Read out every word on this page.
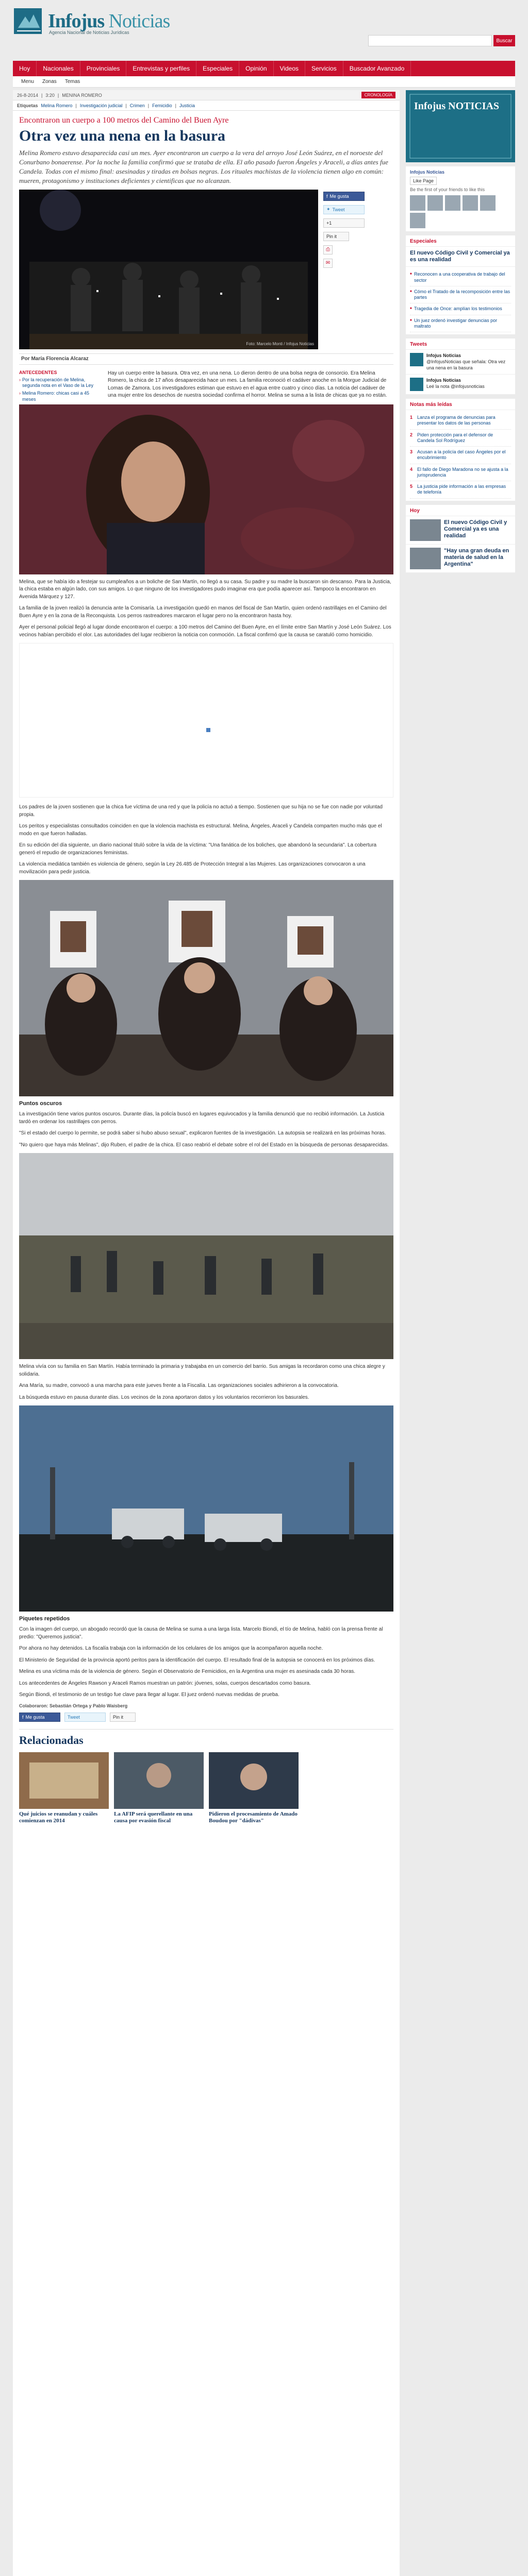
Infojus Noticias
Agencia Nacional de Noticias Jurídicas
Buscar
Hoy	Nacionales	Provinciales	Entrevistas y perfiles	Especiales	Opinión	Videos	Servicios	Buscador Avanzado
Menu	Zonas	Temas
26-8-2014 | 3:20 | MENINA ROMERO	CRONOLOGÍA
Etiquetas Melina Romero | Investigación judicial | Crimen | Femicidio | Justicia
Encontraron un cuerpo a 100 metros del Camino del Buen Ayre
Otra vez una nena en la basura

Melina Romero estuvo desaparecida casi un mes. Ayer encontraron un cuerpo a la vera del arroyo José León Suárez, en el noroeste del Conurbano bonaerense. Por la noche la familia confirmó que se trataba de ella. El año pasado fueron Ángeles y Araceli, a días antes fue Candela. Todas con el mismo final: asesinadas y tiradas en bolsas negras. Los rituales machistas de la violencia tienen algo en común: mueren, protagonismo y instituciones deficientes y cientificas que no alcanzan.

Foto: Marcelo Monti / Infojus Noticias
f Me gusta
✦ Tweet
+1
Pin it
⎙
✉
Por María Florencia Alcaraz
ANTECEDENTES
› Por la recuperación de Melina, segunda nota en el Vaso de la Ley
› Melina Romero: chicas casi a 45 meses

Hay un cuerpo entre la basura. Otra vez, en una nena. Lo dieron dentro de una bolsa negra de consorcio. Era Melina Romero, la chica de 17 años desaparecida hace un mes. La familia reconoció el cadáver anoche en la Morgue Judicial de Lomas de Zamora. Los investigadores estiman que estuvo en el agua entre cuatro y cinco días. La noticia del cadáver de una mujer entre los desechos de nuestra sociedad confirma el horror. Melina se suma a la lista de chicas que ya no están.

Melina, que se había ido a festejar su cumpleaños a un boliche de San Martín, no llegó a su casa. Su padre y su madre la buscaron sin descanso. Para la Justicia, la chica estaba en algún lado, con sus amigos. Lo que ninguno de los investigadores pudo imaginar era que podía aparecer así. Tampoco la encontraron en Avenida Márquez y 127.

La familia de la joven realizó la denuncia ante la Comisaría. La investigación quedó en manos del fiscal de San Martín, quien ordenó rastrillajes en el Camino del Buen Ayre y en la zona de la Reconquista. Los perros rastreadores marcaron el lugar pero no la encontraron hasta hoy.

Ayer el personal policial llegó al lugar donde encontraron el cuerpo: a 100 metros del Camino del Buen Ayre, en el límite entre San Martín y José León Suárez. Los vecinos habían percibido el olor. Las autoridades del lugar recibieron la noticia con conmoción. La fiscal confirmó que la causa se caratuló como homicidio.

Los padres de la joven sostienen que la chica fue víctima de una red y que la policía no actuó a tiempo. Sostienen que su hija no se fue con nadie por voluntad propia.

Los peritos y especialistas consultados coinciden en que la violencia machista es estructural. Melina, Ángeles, Araceli y Candela comparten mucho más que el modo en que fueron halladas.

En su edición del día siguiente, un diario nacional tituló sobre la vida de la víctima: "Una fanática de los boliches, que abandonó la secundaria". La cobertura generó el repudio de organizaciones feministas.

La violencia mediática también es violencia de género, según la Ley 26.485 de Protección Integral a las Mujeres. Las organizaciones convocaron a una movilización para pedir justicia.

Puntos oscuros

La investigación tiene varios puntos oscuros. Durante días, la policía buscó en lugares equivocados y la familia denunció que no recibió información. La Justicia tardó en ordenar los rastrillajes con perros.

"Si el estado del cuerpo lo permite, se podrá saber si hubo abuso sexual", explicaron fuentes de la investigación. La autopsia se realizará en las próximas horas.

"No quiero que haya más Melinas", dijo Ruben, el padre de la chica. El caso reabrió el debate sobre el rol del Estado en la búsqueda de personas desaparecidas.

Melina vivía con su familia en San Martín. Había terminado la primaria y trabajaba en un comercio del barrio. Sus amigas la recordaron como una chica alegre y solidaria.

Ana María, su madre, convocó a una marcha para este jueves frente a la Fiscalía. Las organizaciones sociales adhirieron a la convocatoria.

La búsqueda estuvo en pausa durante días. Los vecinos de la zona aportaron datos y los voluntarios recorrieron los basurales.

Piquetes repetidos

Con la imagen del cuerpo, un abogado recordó que la causa de Melina se suma a una larga lista. Marcelo Biondi, el tío de Melina, habló con la prensa frente al predio: "Queremos justicia".

Por ahora no hay detenidos. La fiscalía trabaja con la información de los celulares de los amigos que la acompañaron aquella noche.

El Ministerio de Seguridad de la provincia aportó peritos para la identificación del cuerpo. El resultado final de la autopsia se conocerá en los próximos días.

Melina es una víctima más de la violencia de género. Según el Observatorio de Femicidios, en la Argentina una mujer es asesinada cada 30 horas.

Los antecedentes de Ángeles Rawson y Araceli Ramos muestran un patrón: jóvenes, solas, cuerpos descartados como basura.

Según Biondi, el testimonio de un testigo fue clave para llegar al lugar. El juez ordenó nuevas medidas de prueba.

Colaboraron: Sebastián Ortega y Pablo Waisberg
f Me gusta	Tweet	Pin it
Relacionadas
Qué juicios se reanudan y cuáles comienzan en 2014
La AFIP será querellante en una causa por evasión fiscal
Pidieron el procesamiento de Amado Boudou por "dádivas"
Infojus NOTICIAS
Infojus Noticias
Like Page
Be the first of your friends to like this
Especiales
El nuevo Código Civil y Comercial ya es una realidad
■ Reconocen a una cooperativa de trabajo del sector
■ Cómo el Tratado de la recomposición entre las partes
■ Tragedia de Once: amplían los testimonios
■ Un juez ordenó investigar denuncias por maltrato
Tweets
Infojus Noticias
@InfojusNoticias que señala: Otra vez una nena en la basura
Infojus Noticias
Leé la nota @infojusnoticias
Notas más leídas
1 Lanza el programa de denuncias para presentar los datos de las personas
2 Piden protección para el defensor de Candela Sol Rodríguez
3 Acusan a la policía del caso Ángeles por el encubrimiento
4 El fallo de Diego Maradona no se ajusta a la jurisprudencia
5 La justicia pide información a las empresas de telefonía
Hoy
El nuevo Código Civil y Comercial ya es una realidad
"Hay una gran deuda en materia de salud en la Argentina"
